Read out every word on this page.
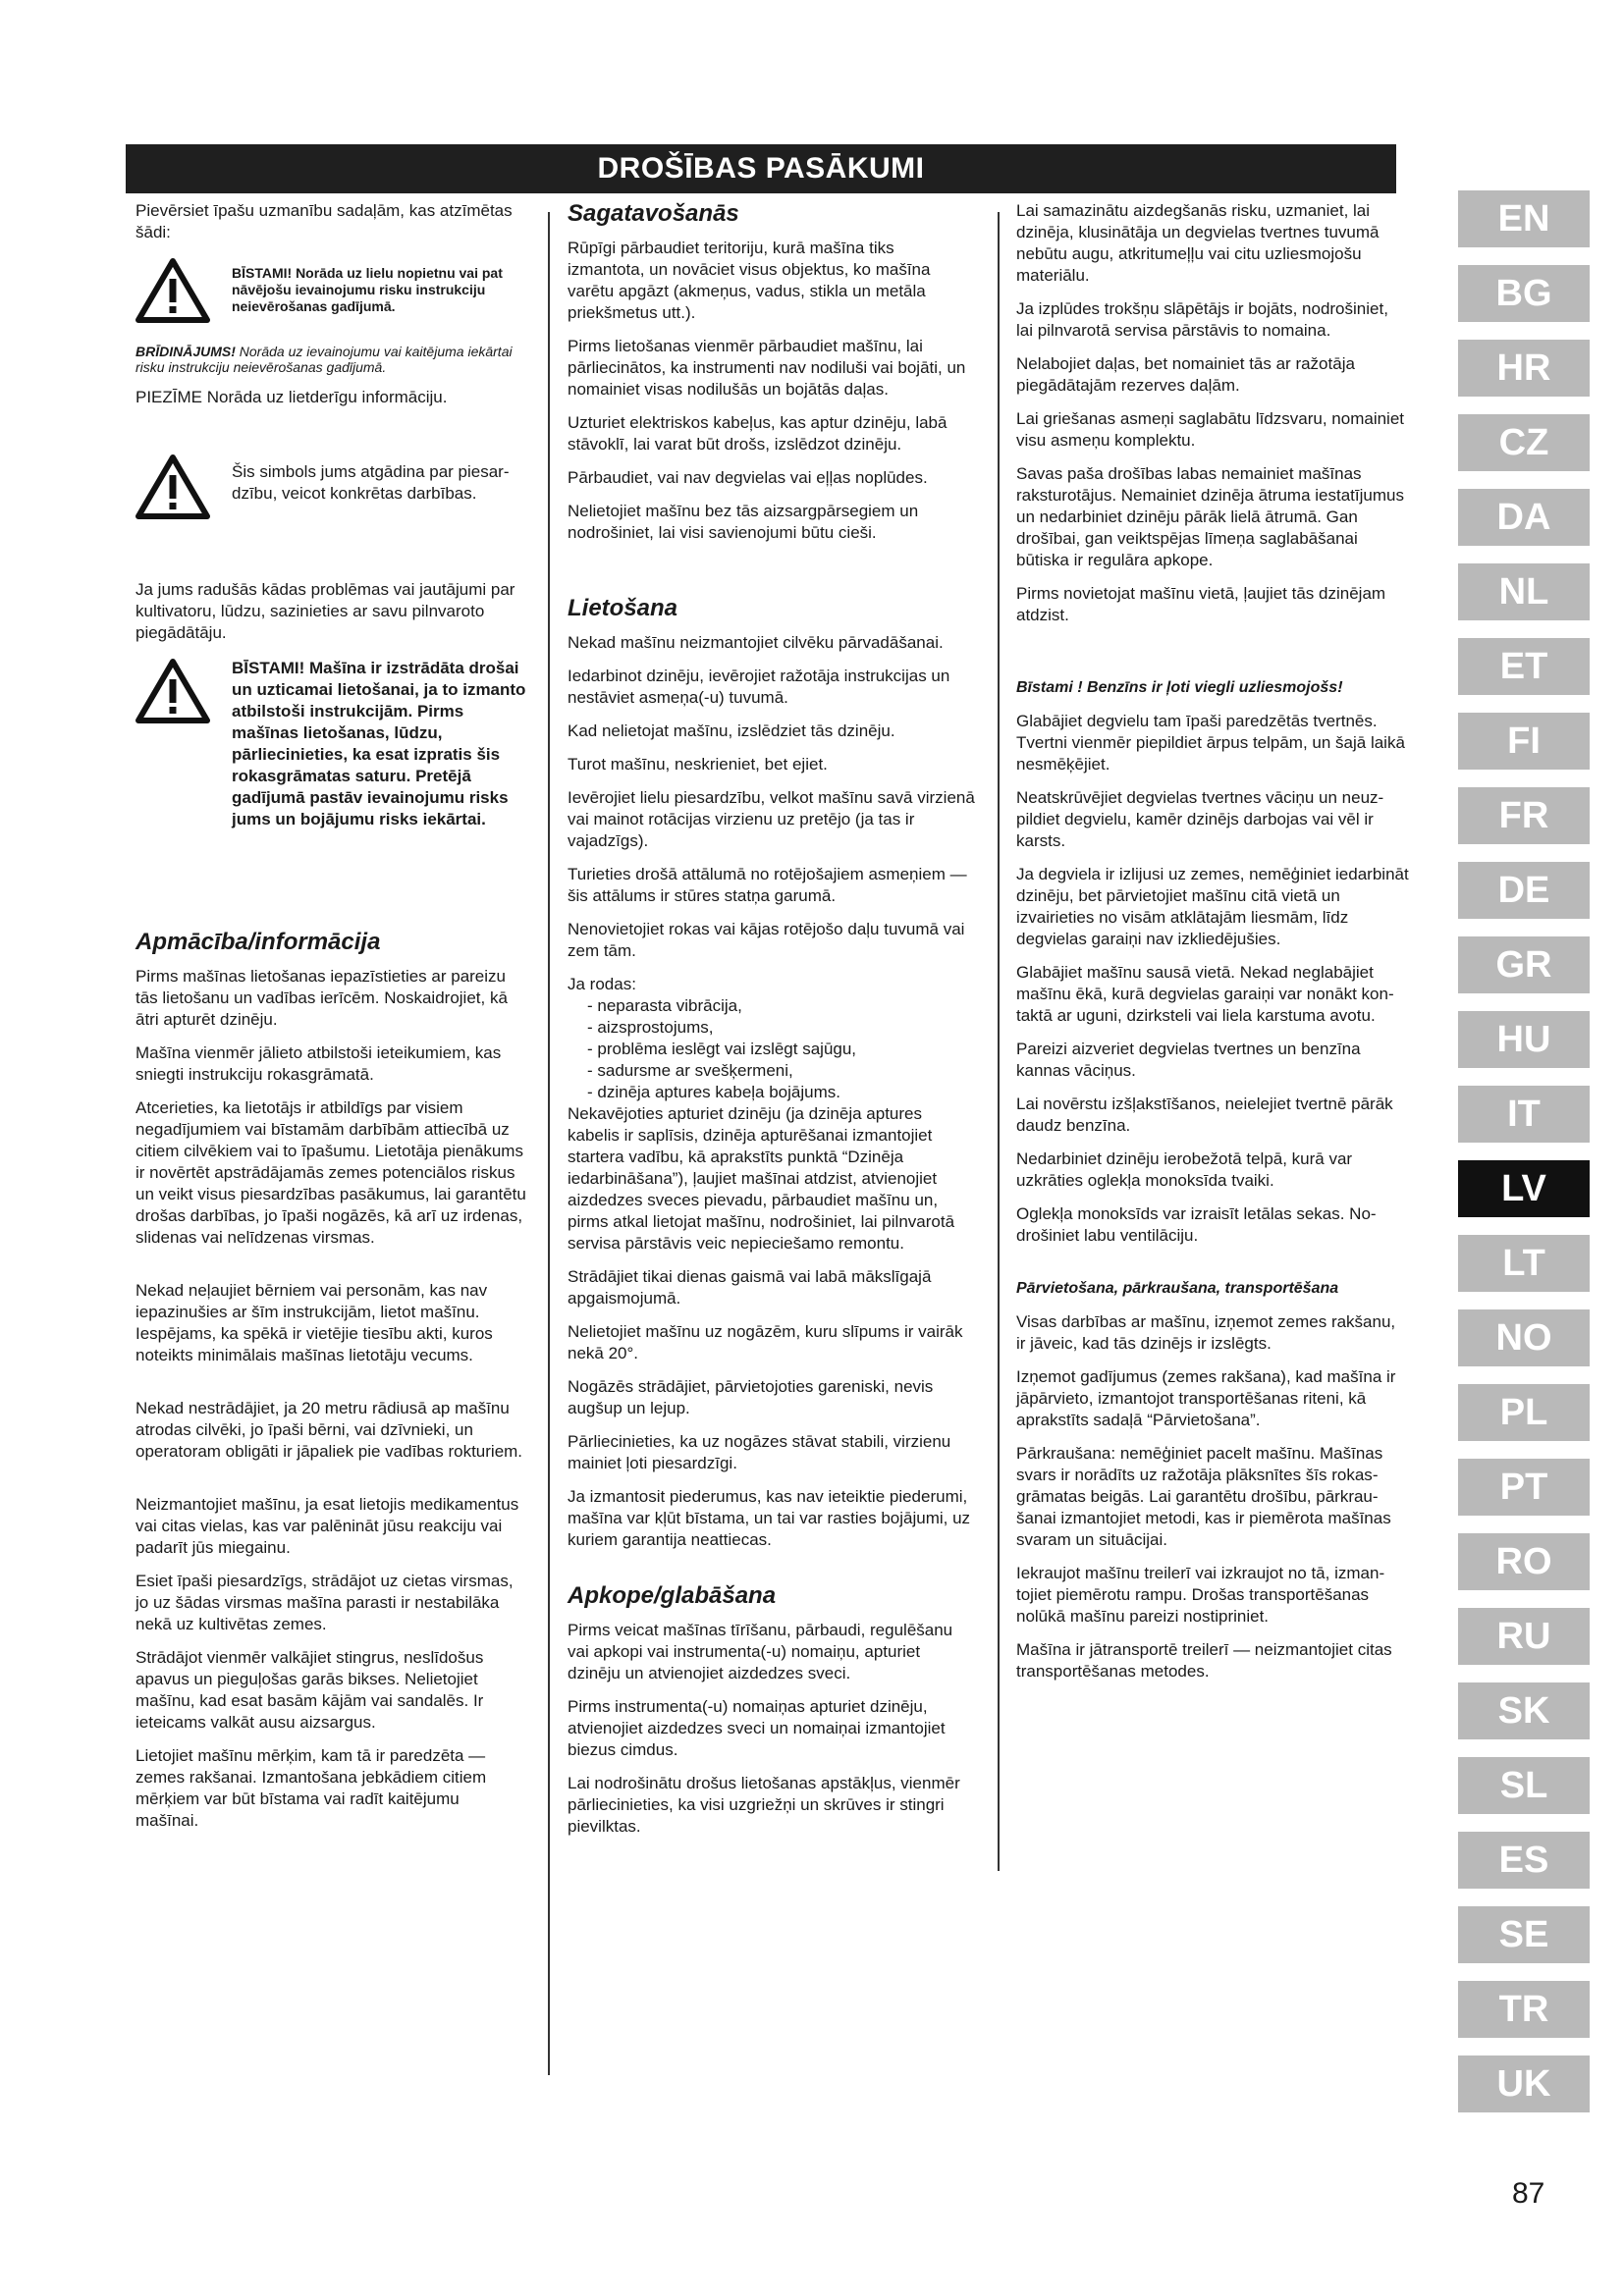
DROŠĪBAS PASĀKUMI

Pievērsiet īpašu uzmanību sadaļām, kas atzīmētas šādi:

BĪSTAMI! Norāda uz lielu nopietnu vai pat nāvējošu ievainojumu risku instrukciju neievērošanas gadījumā.

BRĪDINĀJUMS! Norāda uz ievainojumu vai kaitējuma iekārtai risku instrukciju neievērošanas gadījumā.

PIEZĪME Norāda uz lietderīgu informāciju.

Šis simbols jums atgādina par piesardzību, veicot konkrētas darbības.

Ja jums radušās kādas problēmas vai jautājumi par kultivatoru, lūdzu, sazinieties ar savu pilnvaroto piegādātāju.

BĪSTAMI! Mašīna ir izstrādāta drošai un uzticamai lietošanai, ja to izmanto atbilstoši instrukcijām. Pirms mašīnas lietošanas, lūdzu, pārliecinieties, ka esat izpratis šis rokasgrāmatas saturu. Pretējā gadījumā pastāv ievainojumu risks jums un bojājumu risks iekārtai.
Apmācība/informācija

Pirms mašīnas lietošanas iepazīstieties ar pareizu tās lietošanu un vadības ierīcēm. Noskaidrojiet, kā ātri apturēt dzinēju.

Mašīna vienmēr jālieto atbilstoši ieteikumiem, kas sniegti instrukciju rokasgrāmatā.

Atcerieties, ka lietotājs ir atbildīgs par visiem negadījumiem vai bīstamām darbībām attiecībā uz citiem cilvēkiem vai to īpašumu. Lietotāja pienākums ir novērtēt apstrādājamās zemes potenciālos riskus un veikt visus piesardzības pasākumus, lai garantētu drošas darbības, jo īpaši nogāzēs, kā arī uz irdenas, slidenas vai nelīdzenas virsmas.

Nekad neļaujiet bērniem vai personām, kas nav iepazinušies ar šīm instrukcijām, lietot mašīnu. Iespējams, ka spēkā ir vietējie tiesību akti, kuros noteikts minimālais mašīnas lietotāju vecums.

Nekad nestrādājiet, ja 20 metru rādiusā ap mašīnu atrodas cilvēki, jo īpaši bērni, vai dzīvnieki, un operatoram obligāti ir jāpaliek pie vadības rokturiem.

Neizmantojiet mašīnu, ja esat lietojis medikamentus vai citas vielas, kas var palēnināt jūsu reakciju vai padarīt jūs miegainu.

Esiet īpaši piesardzīgs, strādājot uz cietas virsmas, jo uz šādas virsmas mašīna parasti ir nestabilāka nekā uz kultivētas zemes.

Strādājot vienmēr valkājiet stingrus, neslīdošus apavus un pieguļošas garās bikses. Nelietojiet mašīnu, kad esat basām kājām vai sandalēs. Ir ieteicams valkāt ausu aizsargus.

Lietojiet mašīnu mērķim, kam tā ir paredzēta — zemes rakšanai. Izmantošana jebkādiem citiem mērķiem var būt bīstama vai radīt kaitējumu mašīnai.

Sagatavošanās

Rūpīgi pārbaudiet teritoriju, kurā mašīna tiks izmantota, un novāciet visus objektus, ko mašīna varētu apgāzt (akmeņus, vadus, stikla un metāla priekšmetus utt.).

Pirms lietošanas vienmēr pārbaudiet mašīnu, lai pārliecinātos, ka instrumenti nav nodiluši vai bojāti, un nomainiet visas nodilušās un bojātās daļas.

Uzturiet elektriskos kabeļus, kas aptur dzinēju, labā stāvoklī, lai varat būt drošs, izslēdzot dzinēju.

Pārbaudiet, vai nav degvielas vai eļļas noplūdes.

Nelietojiet mašīnu bez tās aizsargpārsegiem un nodrošiniet, lai visi savienojumi būtu cieši.

Lietošana

Nekad mašīnu neizmantojiet cilvēku pārvadāšanai.

Iedarbinot dzinēju, ievērojiet ražotāja instrukcijas un nestāviet asmeņa(-u) tuvumā.

Kad nelietojat mašīnu, izslēdziet tās dzinēju.

Turot mašīnu, neskrieniet, bet ejiet.

Ievērojiet lielu piesardzību, velkot mašīnu savā virzienā vai mainot rotācijas virzienu uz pretējo (ja tas ir vajadzīgs).

Turieties drošā attālumā no rotējošajiem asmeņiem — šis attālums ir stūres statņa garumā.

Nenovietojiet rokas vai kājas rotējošo daļu tuvumā vai zem tām.

Ja rodas:
- neparasta vibrācija,
- aizsprostojums,
- problēma ieslēgt vai izslēgt sajūgu,
- sadursme ar svešķermeni,
- dzinēja aptures kabeļa bojājums.

Nekavējoties apturiet dzinēju (ja dzinēja aptures kabelis ir saplīsis, dzinēja apturēšanai izmantojiet startera vadību, kā aprakstīts punktā “Dzinēja iedarbināšana”), ļaujiet mašīnai atdzist, atvienojiet aizdedzes sveces pievadu, pārbaudiet mašīnu un, pirms atkal lietojat mašīnu, nodrošiniet, lai pilnvarotā servisa pārstāvis veic nepieciešamo remontu.

Strādājiet tikai dienas gaismā vai labā mākslīgajā apgaismojumā.

Nelietojiet mašīnu uz nogāzēm, kuru slīpums ir vairāk nekā 20°.

Nogāzēs strādājiet, pārvietojoties gareniski, nevis augšup un lejup.

Pārliecinieties, ka uz nogāzes stāvat stabili, virzienu mainiet ļoti piesardzīgi.

Ja izmantosit piederumus, kas nav ieteiktie piederumi, mašīna var kļūt bīstama, un tai var rasties bojājumi, uz kuriem garantija neattiecas.

Apkope/glabāšana

Pirms veicat mašīnas tīrīšanu, pārbaudi, regulēšanu vai apkopi vai instrumenta(-u) nomaiņu, apturiet dzinēju un atvienojiet aizdedzes sveci.

Pirms instrumenta(-u) nomaiņas apturiet dzinēju, atvienojiet aizdedzes sveci un nomaiņai izmantojiet biezus cimdus.

Lai nodrošinātu drošus lietošanas apstākļus, vienmēr pārliecinieties, ka visi uzgriežņi un skrūves ir stingri pievilktas.

Lai samazinātu aizdegšanās risku, uzmaniet, lai dzinēja, klusinātāja un degvielas tvertnes tuvumā nebūtu augu, atkritumeļļu vai citu uzliesmojošu materiālu.

Ja izplūdes trokšņu slāpētājs ir bojāts, nodrošiniet, lai pilnvarotā servisa pārstāvis to nomaina.

Nelabojiet daļas, bet nomainiet tās ar ražotāja piegādātajām rezerves daļām.

Lai griešanas asmeņi saglabātu līdzsvaru, nomainiet visu asmeņu komplektu.

Savas paša drošības labas nemainiet mašīnas raksturotājus. Nemainiet dzinēja ātruma iestatījumus un nedarbiniet dzinēju pārāk lielā ātrumā. Gan drošībai, gan veiktspējas līmeņa saglabāšanai būtiska ir regulāra apkope.

Pirms novietojat mašīnu vietā, ļaujiet tās dzinējam atdzist.

Bīstami ! Benzīns ir ļoti viegli uzliesmojošs!

Glabājiet degvielu tam īpaši paredzētās tvertnēs. Tvertni vienmēr piepildiet ārpus telpām, un šajā laikā nesmēķējiet.

Neatskrūvējiet degvielas tvertnes vāciņu un neuzpildiet degvielu, kamēr dzinējs darbojas vai vēl ir karsts.

Ja degviela ir izlijusi uz zemes, nemēģiniet iedarbināt dzinēju, bet pārvietojiet mašīnu citā vietā un izvairieties no visām atklātajām liesmām, līdz degvielas garaiņi nav izkliedējušies.

Glabājiet mašīnu sausā vietā. Nekad neglabājiet mašīnu ēkā, kurā degvielas garaiņi var nonākt kontaktā ar uguni, dzirksteli vai liela karstuma avotu.

Pareizi aizveriet degvielas tvertnes un benzīna kannas vāciņus.

Lai novērstu izšļakstīšanos, neielejiet tvertnē pārāk daudz benzīna.

Nedarbiniet dzinēju ierobežotā telpā, kurā var uzkrāties oglekļa monoksīda tvaiki.

Oglekļa monoksīds var izraisīt letālas sekas. Nodrošiniet labu ventilāciju.

Pārvietošana, pārkraušana, transportēšana

Visas darbības ar mašīnu, izņemot zemes rakšanu, ir jāveic, kad tās dzinējs ir izslēgts.

Izņemot gadījumus (zemes rakšana), kad mašīna ir jāpārvieto, izmantojot transportēšanas riteni, kā aprakstīts sadaļā “Pārvietošana”.

Pārkraušana: nemēģiniet pacelt mašīnu. Mašīnas svars ir norādīts uz ražotāja plāksnītes šīs rokasgrāmatas beigās. Lai garantētu drošību, pārkraušanai izmantojiet metodi, kas ir piemērota mašīnas svaram un situācijai.

Iekraujot mašīnu treilerī vai izkraujot no tā, izmantojiet piemērotu rampu. Drošas transportēšanas nolūkā mašīnu pareizi nostipriniet.

Mašīna ir jātransportē treilerī — neizmantojiet citas transportēšanas metodes.

EN
BG
HR
CZ
DA
NL
ET
FI
FR
DE
GR
HU
IT
LV
LT
NO
PL
PT
RO
RU
SK
SL
ES
SE
TR
UK
87
